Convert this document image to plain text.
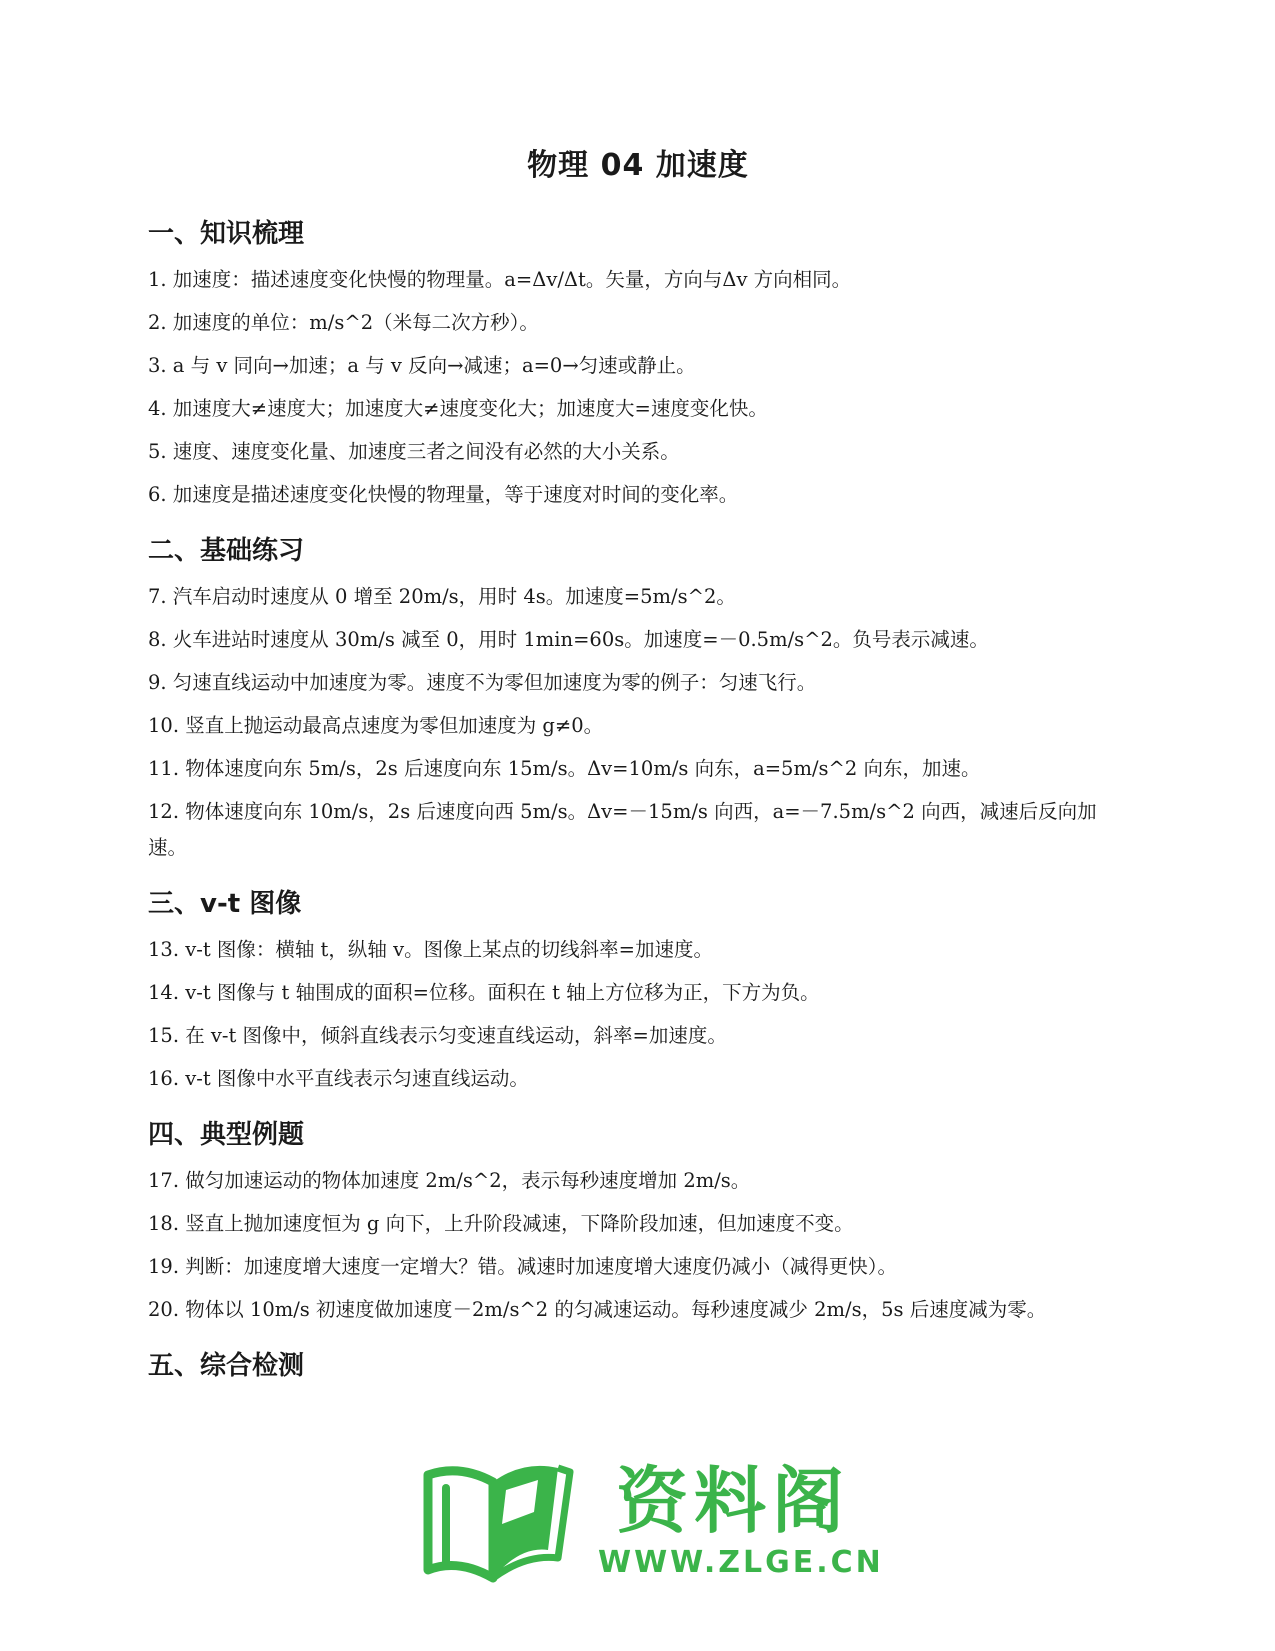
物理 04 加速度
一、知识梳理
1. 加速度：描述速度变化快慢的物理量。a=Δv/Δt。矢量，方向与Δv 方向相同。
2. 加速度的单位：m/s^2（米每二次方秒）。
3. a 与 v 同向→加速；a 与 v 反向→减速；a=0→匀速或静止。
4. 加速度大≠速度大；加速度大≠速度变化大；加速度大=速度变化快。
5. 速度、速度变化量、加速度三者之间没有必然的大小关系。
6. 加速度是描述速度变化快慢的物理量，等于速度对时间的变化率。
二、基础练习
7. 汽车启动时速度从 0 增至 20m/s，用时 4s。加速度=5m/s^2。
8. 火车进站时速度从 30m/s 减至 0，用时 1min=60s。加速度=－0.5m/s^2。负号表示减速。
9. 匀速直线运动中加速度为零。速度不为零但加速度为零的例子：匀速飞行。
10. 竖直上抛运动最高点速度为零但加速度为 g≠0。
11. 物体速度向东 5m/s，2s 后速度向东 15m/s。Δv=10m/s 向东，a=5m/s^2 向东，加速。
12. 物体速度向东 10m/s，2s 后速度向西 5m/s。Δv=－15m/s 向西，a=－7.5m/s^2 向西，减速后反向加速。
三、v-t 图像
13. v-t 图像：横轴 t，纵轴 v。图像上某点的切线斜率=加速度。
14. v-t 图像与 t 轴围成的面积=位移。面积在 t 轴上方位移为正，下方为负。
15. 在 v-t 图像中，倾斜直线表示匀变速直线运动，斜率=加速度。
16. v-t 图像中水平直线表示匀速直线运动。
四、典型例题
17. 做匀加速运动的物体加速度 2m/s^2，表示每秒速度增加 2m/s。
18. 竖直上抛加速度恒为 g 向下，上升阶段减速，下降阶段加速，但加速度不变。
19. 判断：加速度增大速度一定增大？错。减速时加速度增大速度仍减小（减得更快）。
20. 物体以 10m/s 初速度做加速度－2m/s^2 的匀减速运动。每秒速度减少 2m/s，5s 后速度减为零。
五、综合检测
资料阁
WWW.ZLGE.CN
